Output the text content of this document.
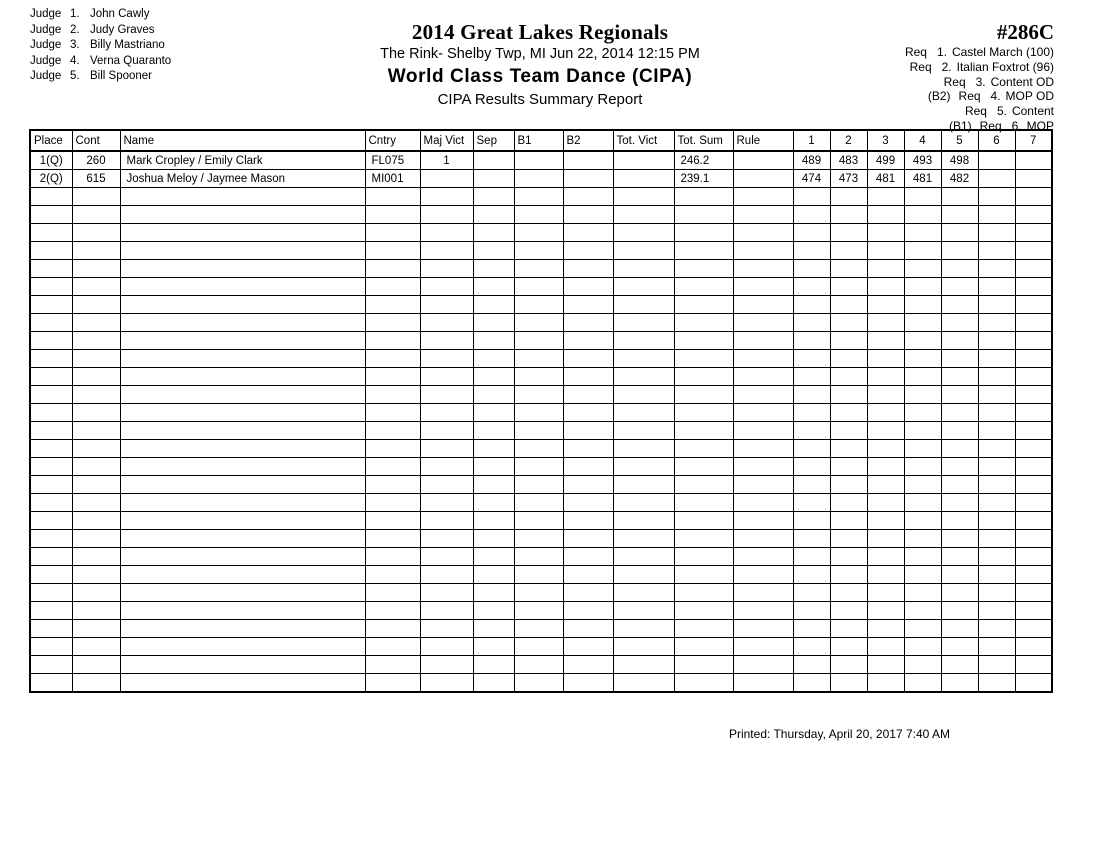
Judge 1. John Cawly
Judge 2. Judy Graves
Judge 3. Billy Mastriano
Judge 4. Verna Quaranto
Judge 5. Bill Spooner
2014 Great Lakes Regionals
The Rink- Shelby Twp, MI Jun 22, 2014 12:15 PM
World Class Team Dance (CIPA)
CIPA Results Summary Report
#286C
Req 1. Castel March (100)
Req 2. Italian Foxtrot (96)
Req 3. Content OD
(B2) Req 4. MOP OD
Req 5. Content
(B1) Req 6. MOP
Place	Cont	Name	Cntry	Maj Vict	Sep	B1	B2	Tot. Vict	Tot. Sum	Rule	1	2	3	4	5	6	7
1(Q)	260	Mark Cropley / Emily Clark	FL075	1					246.2		489	483	499	493	498		
2(Q)	615	Joshua Meloy / Jaymee Mason	MI001						239.1		474	473	481	481	482		

Printed: Thursday, April 20, 2017 7:40 AM
